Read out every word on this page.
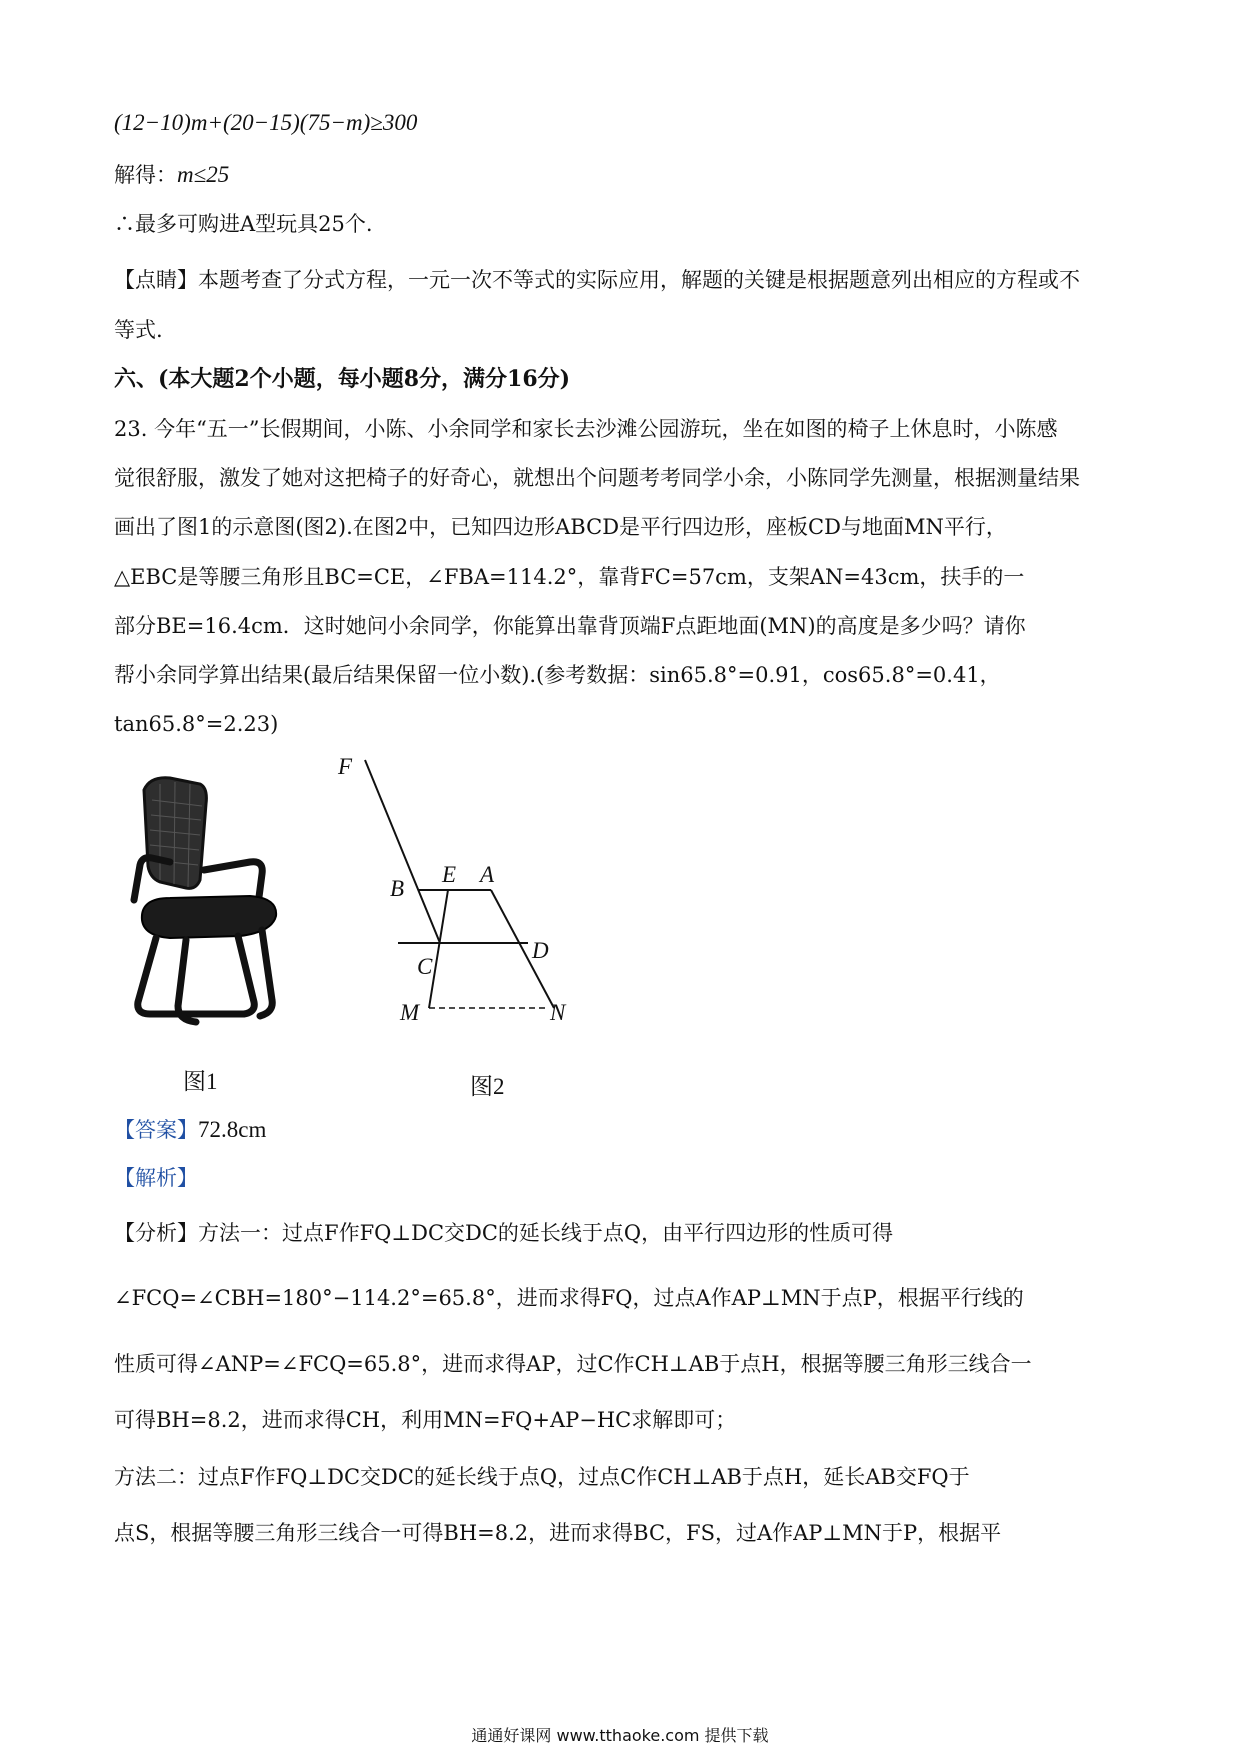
(12−10)m+(20−15)(75−m)≥300
解得：m≤25
∴最多可购进A型玩具25个.
【点睛】本题考查了分式方程，一元一次不等式的实际应用，解题的关键是根据题意列出相应的方程或不
等式.
六、(本大题2个小题，每小题8分，满分16分)
23. 今年“五一”长假期间，小陈、小余同学和家长去沙滩公园游玩，坐在如图的椅子上休息时，小陈感
觉很舒服，激发了她对这把椅子的好奇心，就想出个问题考考同学小余，小陈同学先测量，根据测量结果
画出了图1的示意图(图2).在图2中，已知四边形ABCD是平行四边形，座板CD与地面MN平行，
△EBC是等腰三角形且BC=CE，∠FBA=114.2°，靠背FC=57cm，支架AN=43cm，扶手的一
部分BE=16.4cm．这时她问小余同学，你能算出靠背顶端F点距地面(MN)的高度是多少吗？请你
帮小余同学算出结果(最后结果保留一位小数).(参考数据：sin65.8°=0.91，cos65.8°=0.41，
tan65.8°=2.23)
图1
F
E A
B
C
D
M	N
图2
【答案】72.8cm
【解析】
【分析】方法一：过点F作FQ⊥DC交DC的延长线于点Q，由平行四边形的性质可得
∠FCQ=∠CBH=180°−114.2°=65.8°，进而求得FQ，过点A作AP⊥MN于点P，根据平行线的
性质可得∠ANP=∠FCQ=65.8°，进而求得AP，过C作CH⊥AB于点H，根据等腰三角形三线合一
可得BH=8.2，进而求得CH，利用MN=FQ+AP−HC求解即可；
方法二：过点F作FQ⊥DC交DC的延长线于点Q，过点C作CH⊥AB于点H，延长AB交FQ于
点S，根据等腰三角形三线合一可得BH=8.2，进而求得BC，FS，过A作AP⊥MN于P，根据平
通通好课网 www.tthaoke.com 提供下载
